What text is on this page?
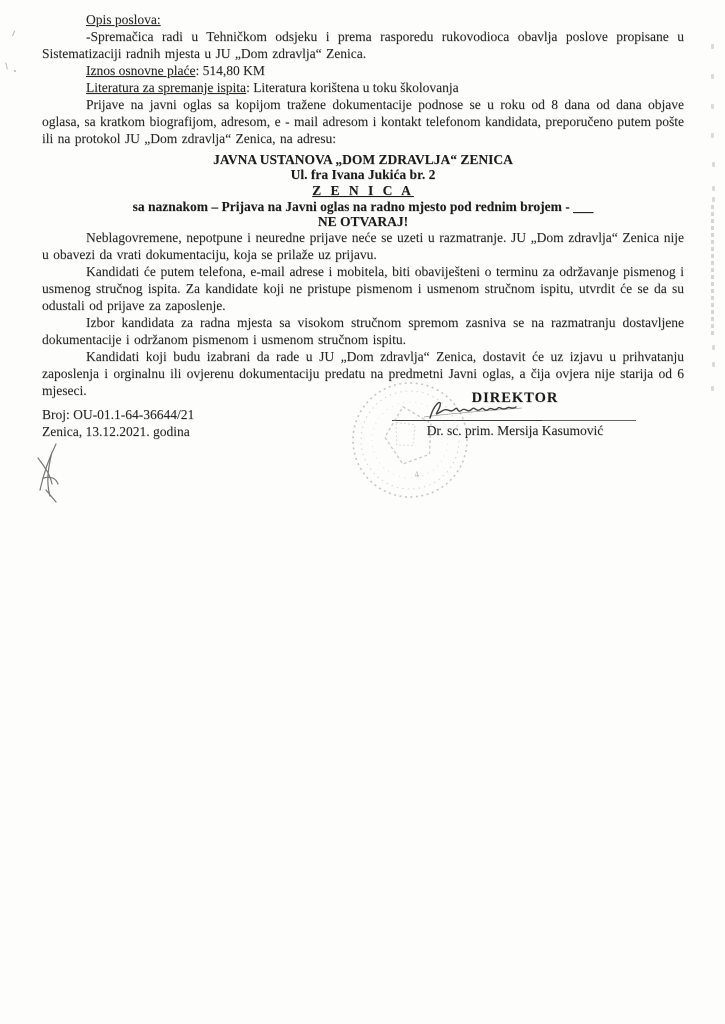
Opis poslova:

-Spremačica radi u Tehničkom odsjeku i prema rasporedu rukovodioca obavlja poslove propisane u Sistematizaciji radnih mjesta u JU „Dom zdravlja“ Zenica.

Iznos osnovne plaće: 514,80 KM
Literatura za spremanje ispita: Literatura korištena u toku školovanja

Prijave na javni oglas sa kopijom tražene dokumentacije podnose se u roku od 8 dana od dana objave oglasa, sa kratkom biografijom, adresom, e - mail adresom i kontakt telefonom kandidata, preporučeno putem pošte ili na protokol JU „Dom zdravlja“ Zenica, na adresu:

JAVNA USTANOVA „DOM ZDRAVLJA“ ZENICA
Ul. fra Ivana Jukića br. 2
Z E N I C A
sa naznakom – Prijava na Javni oglas na radno mjesto pod rednim brojem - ___
NE OTVARAJ!

Neblagovremene, nepotpune i neuredne prijave neće se uzeti u razmatranje. JU „Dom zdravlja“ Zenica nije u obavezi da vrati dokumentaciju, koja se prilaže uz prijavu.

Kandidati će putem telefona, e-mail adrese i mobitela, biti obaviješteni o terminu za održavanje pismenog i usmenog stručnog ispita. Za kandidate koji ne pristupe pismenom i usmenom stručnom ispitu, utvrdit će se da su odustali od prijave za zaposlenje.

Izbor kandidata za radna mjesta sa visokom stručnom spremom zasniva se na razmatranju dostavljene dokumentacije i održanom pismenom i usmenom stručnom ispitu.

Kandidati koji budu izabrani da rade u JU „Dom zdravlja“ Zenica, dostavit će uz izjavu u prihvatanju zaposlenja i orginalnu ili ovjerenu dokumentaciju predatu na predmetni Javni oglas, a čija ovjera nije starija od 6 mjeseci.

4
Broj: OU-01.1-64-36644/21
Zenica, 13.12.2021. godina
DIREKTOR
Dr. sc. prim. Mersija Kasumović
